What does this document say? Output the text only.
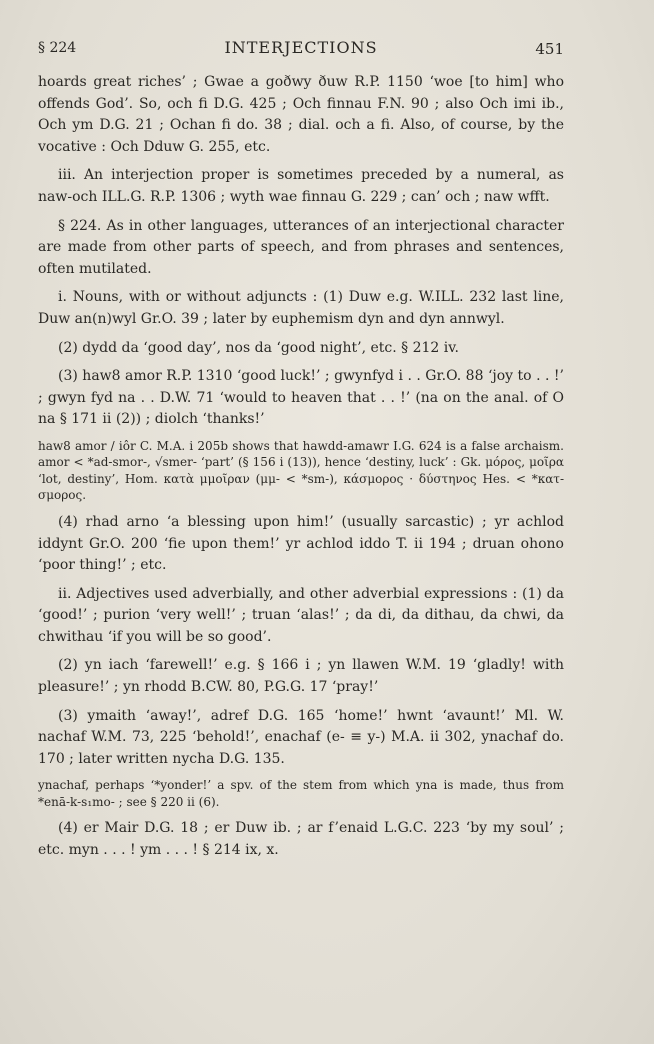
§ 224	INTERJECTIONS	451

hoards great riches’ ; Gwae a goðwy ðuw R.P. 1150 ‘woe [to him] who offends God’. So, och fi D.G. 425 ; Och finnau F.N. 90 ; also Och imi ib., Och ym D.G. 21 ; Ochan fi do. 38 ; dial. och a fi. Also, of course, by the vocative : Och Dduw G. 255, etc.

iii. An interjection proper is sometimes preceded by a numeral, as naw-och ILL.G. R.P. 1306 ; wyth wae finnau G. 229 ; can’ och ; naw wfft.

§ 224. As in other languages, utterances of an interjectional character are made from other parts of speech, and from phrases and sentences, often mutilated.

i. Nouns, with or without adjuncts : (1) Duw e.g. W.ILL. 232 last line, Duw an(n)wyl Gr.O. 39 ; later by euphemism dyn and dyn annwyl.

(2) dydd da ‘good day’, nos da ‘good night’, etc. § 212 iv.

(3) haw8 amor R.P. 1310 ‘good luck!’ ; gwynfyd i . . Gr.O. 88 ‘joy to . . !’ ; gwyn fyd na . . D.W. 71 ‘would to heaven that . . !’ (na on the anal. of O na § 171 ii (2)) ; diolch ‘thanks!’

haw8 amor / iôr C. M.A. i 205b shows that hawdd-amawr I.G. 624 is a false archaism. amor < *ad-smor-, √smer- ‘part’ (§ 156 i (13)), hence ‘destiny, luck’ : Gk. μόρος, μοῖρα ‘lot, destiny’, Hom. κατὰ μμοῖραν (μμ- < *sm-), κάσμορος · δύστηνος Hes. < *κατ-σμορος.

(4) rhad arno ‘a blessing upon him!’ (usually sarcastic) ; yr achlod iddynt Gr.O. 200 ‘fie upon them!’ yr achlod iddo T. ii 194 ; druan ohono ‘poor thing!’ ; etc.

ii. Adjectives used adverbially, and other adverbial expressions : (1) da ‘good!’ ; purion ‘very well!’ ; truan ‘alas!’ ; da di, da dithau, da chwi, da chwithau ‘if you will be so good’.

(2) yn iach ‘farewell!’ e.g. § 166 i ; yn llawen W.M. 19 ‘gladly! with pleasure!’ ; yn rhodd B.CW. 80, P.G.G. 17 ‘pray!’

(3) ymaith ‘away!’, adref D.G. 165 ‘home!’ hwnt ‘avaunt!’ Ml. W. nachaf W.M. 73, 225 ‘behold!’, enachaf (e- ≡ y-) M.A. ii 302, ynachaf do. 170 ; later written nycha D.G. 135.

ynachaf, perhaps ‘*yonder!’ a spv. of the stem from which yna is made, thus from *enā-k-s₁mo- ; see § 220 ii (6).

(4) er Mair D.G. 18 ; er Duw ib. ; ar f’enaid L.G.C. 223 ‘by my soul’ ; etc. myn . . . ! ym . . . ! § 214 ix, x.
